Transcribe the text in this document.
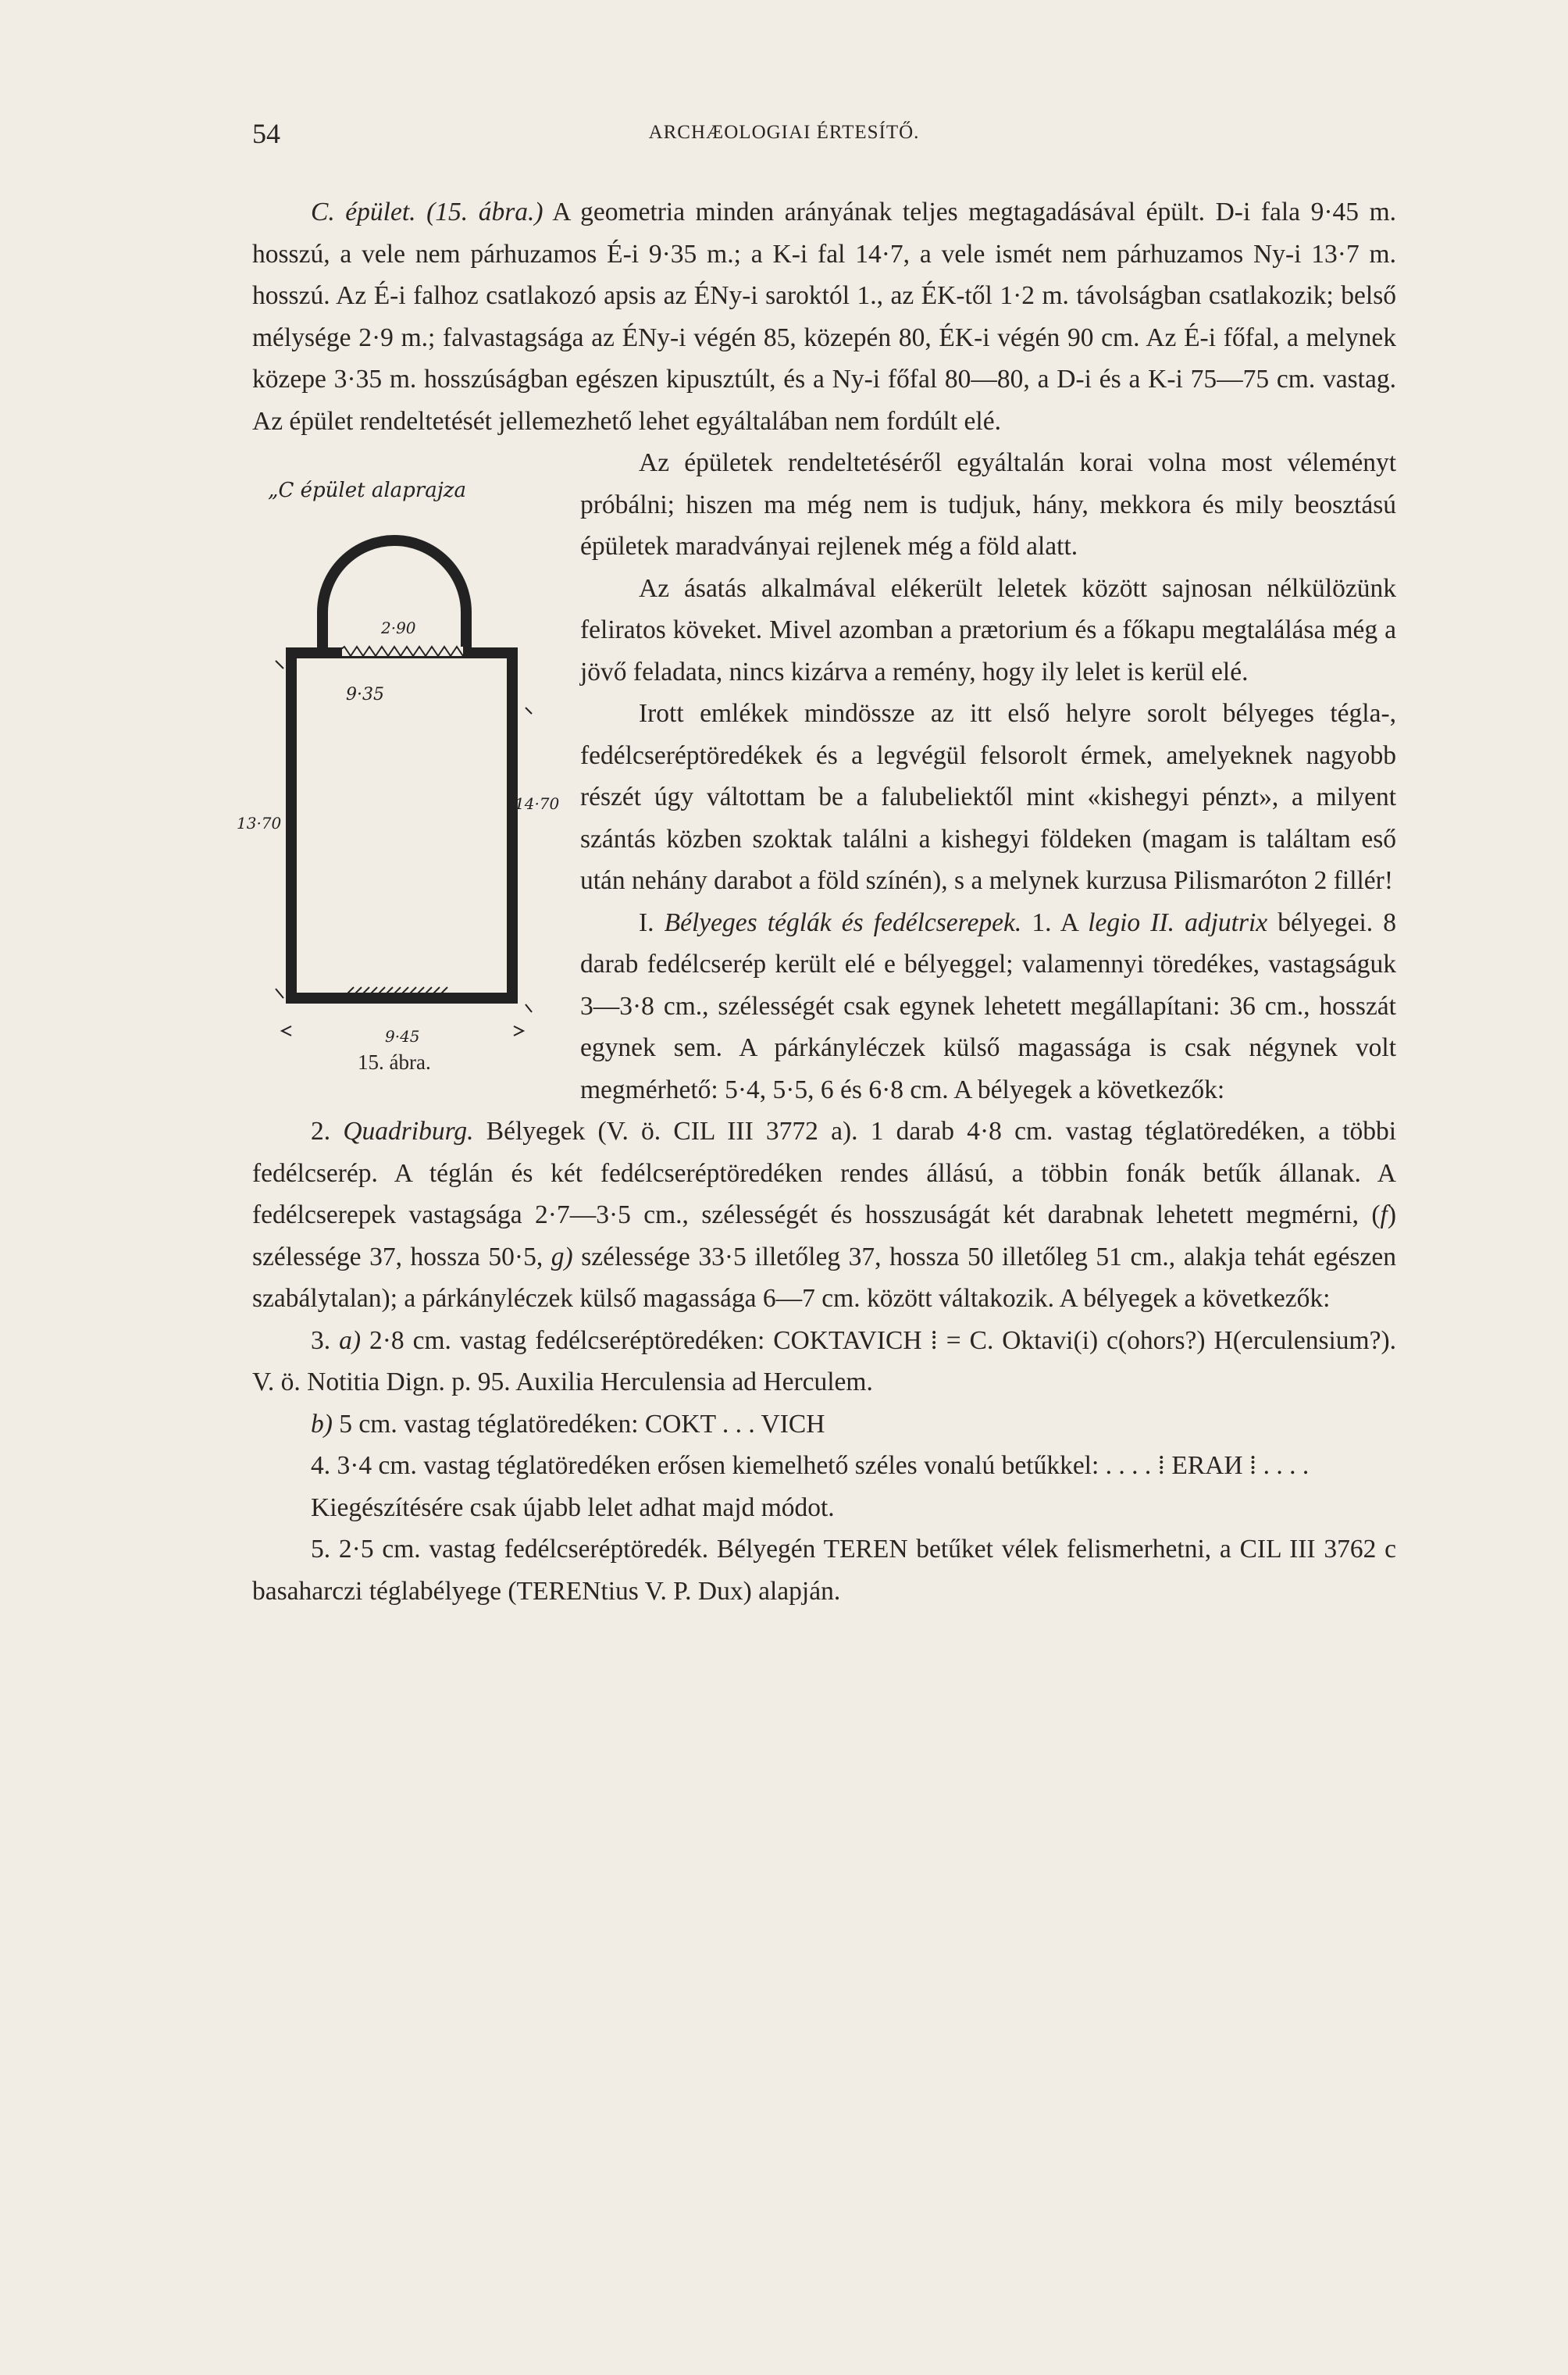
54	ARCHÆOLOGIAI ÉRTESÍTŐ.

C. épület. (15. ábra.) A geometria minden arányának teljes megtagadásával épült. D-i fala 9·45 m. hosszú, a vele nem párhuzamos É-i 9·35 m.; a K-i fal 14·7, a vele ismét nem párhuzamos Ny-i 13·7 m. hosszú. Az É-i falhoz csatlakozó apsis az ÉNy-i saroktól 1., az ÉK-től 1·2 m. távolságban csatlakozik; belső mélysége 2·9 m.; falvastagsága az ÉNy-i végén 85, közepén 80, ÉK-i végén 90 cm. Az É-i főfal, a melynek közepe 3·35 m. hosszúságban egészen kipusztúlt, és a Ny-i főfal 80—80, a D-i és a K-i 75—75 cm. vastag. Az épület rendeltetését jellemezhető lehet egyáltalában nem fordúlt elé.

„C épület alaprajza
2·90
9·35
13·70
14·70
9·45
15. ábra.

Az épületek rendeltetéséről egyáltalán korai volna most véleményt próbálni; hiszen ma még nem is tudjuk, hány, mekkora és mily beosztású épületek maradványai rejlenek még a föld alatt.

Az ásatás alkalmával elékerült leletek között sajnosan nélkülözünk feliratos köveket. Mivel azomban a prætorium és a főkapu megtalálása még a jövő feladata, nincs kizárva a remény, hogy ily lelet is kerül elé.

Irott emlékek mindössze az itt első helyre sorolt bélyeges tégla-, fedélcseréptöredékek és a legvégül felsorolt érmek, amelyeknek nagyobb részét úgy váltottam be a falubeliektől mint «kishegyi pénzt», a milyent szántás közben szoktak találni a kishegyi földeken (magam is találtam eső után nehány darabot a föld színén), s a melynek kurzusa Pilismaróton 2 fillér!

I. Bélyeges téglák és fedélcserepek. 1. A legio II. adjutrix bélyegei. 8 darab fedélcserép került elé e bélyeggel; valamennyi töredékes, vastagságuk 3—3·8 cm., szélességét csak egynek lehetett megállapítani: 36 cm., hosszát egynek sem. A párkányléczek külső magassága is csak négynek volt megmérhető: 5·4, 5·5, 6 és 6·8 cm. A bélyegek a következők:

2. Quadriburg. Bélyegek (V. ö. CIL III 3772 a). 1 darab 4·8 cm. vastag téglatöredéken, a többi fedélcserép. A téglán és két fedélcseréptöredéken rendes állású, a többin fonák betűk állanak. A fedélcserepek vastagsága 2·7—3·5 cm., szélességét és hosszuságát két darabnak lehetett megmérni, (f) szélessége 37, hossza 50·5, g) szélessége 33·5 illetőleg 37, hossza 50 illetőleg 51 cm., alakja tehát egészen szabálytalan); a párkányléczek külső magassága 6—7 cm. között váltakozik. A bélyegek a következők:

3. a) 2·8 cm. vastag fedélcseréptöredéken: COKTAVICH ⁞ = C. Oktavi(i) c(ohors?) H(erculensium?). V. ö. Notitia Dign. p. 95. Auxilia Herculensia ad Herculem.

b) 5 cm. vastag téglatöredéken: COKT . . . VICH

4. 3·4 cm. vastag téglatöredéken erősen kiemelhető széles vonalú betűkkel: . . . . ⁞ ERAИ ⁞ . . . .

Kiegészítésére csak újabb lelet adhat majd módot.

5. 2·5 cm. vastag fedélcseréptöredék. Bélyegén TEREN betűket vélek felismerhetni, a CIL III 3762 c basaharczi téglabélyege (TERENtius V. P. Dux) alapján.
